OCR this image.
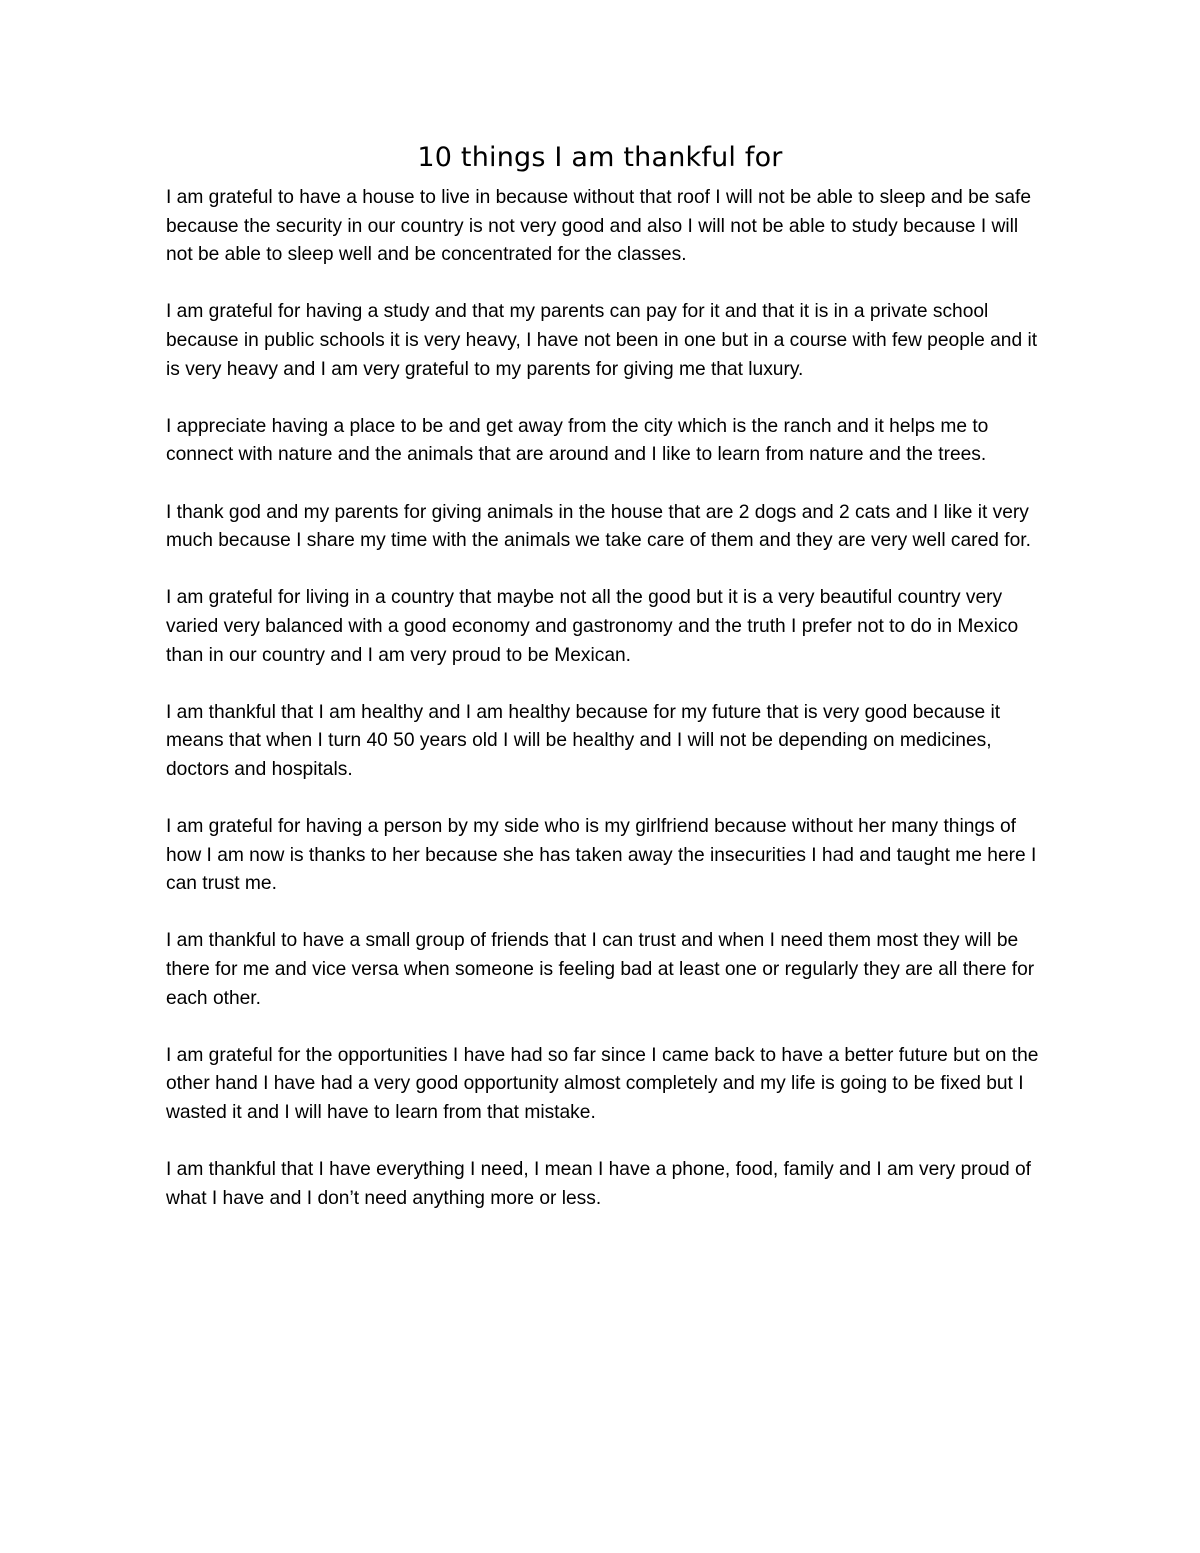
10 things I am thankful for

I am grateful to have a house to live in because without that roof I will not be able to sleep and be safe because the security in our country is not very good and also I will not be able to study because I will not be able to sleep well and be concentrated for the classes.

I am grateful for having a study and that my parents can pay for it and that it is in a private school because in public schools it is very heavy, I have not been in one but in a course with few people and it is very heavy and I am very grateful to my parents for giving me that luxury.

I appreciate having a place to be and get away from the city which is the ranch and it helps me to connect with nature and the animals that are around and I like to learn from nature and the trees.

I thank god and my parents for giving animals in the house that are 2 dogs and 2 cats and I like it very much because I share my time with the animals we take care of them and they are very well cared for.

I am grateful for living in a country that maybe not all the good but it is a very beautiful country very varied very balanced with a good economy and gastronomy and the truth I prefer not to do in Mexico than in our country and I am very proud to be Mexican.

I am thankful that I am healthy and I am healthy because for my future that is very good because it means that when I turn 40 50 years old I will be healthy and I will not be depending on medicines, doctors and hospitals.

I am grateful for having a person by my side who is my girlfriend because without her many things of how I am now is thanks to her because she has taken away the insecurities I had and taught me here I can trust me.

I am thankful to have a small group of friends that I can trust and when I need them most they will be there for me and vice versa when someone is feeling bad at least one or regularly they are all there for each other.

I am grateful for the opportunities I have had so far since I came back to have a better future but on the other hand I have had a very good opportunity almost completely and my life is going to be fixed but I wasted it and I will have to learn from that mistake.

I am thankful that I have everything I need, I mean I have a phone, food, family and I am very proud of what I have and I don’t need anything more or less.
